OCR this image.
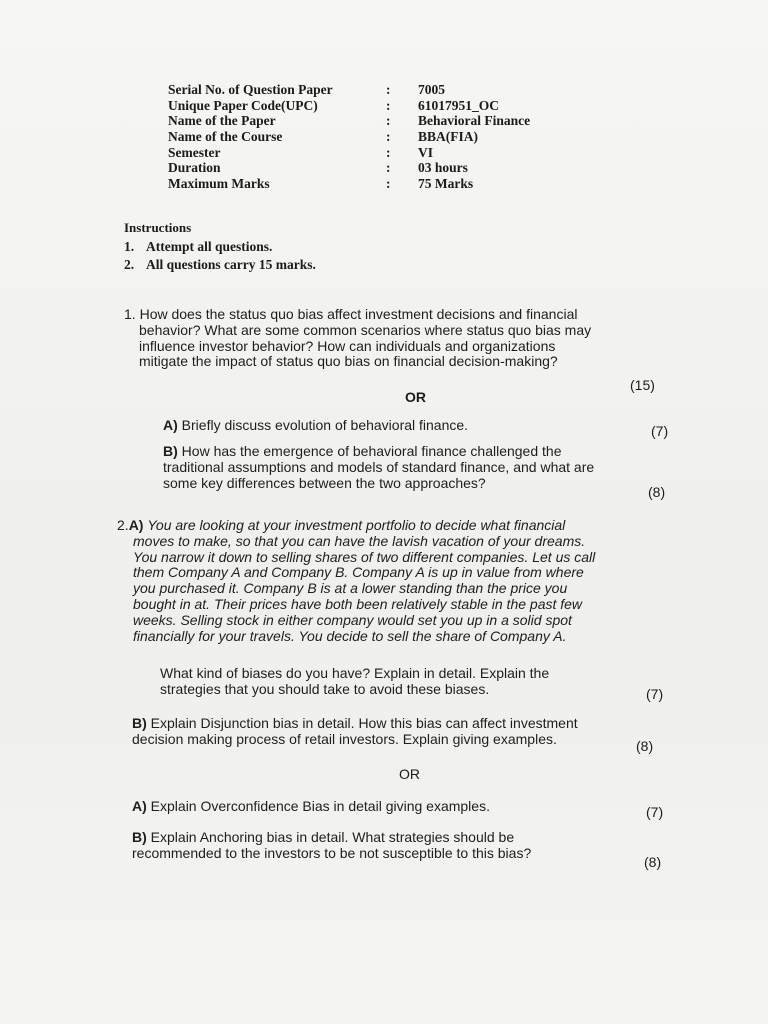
Serial No. of Question Paper	: 7005
Unique Paper Code(UPC)	: 61017951_OC
Name of the Paper	: Behavioral Finance
Name of the Course	: BBA(FIA)
Semester	: VI
Duration	: 03 hours
Maximum Marks	: 75 Marks
Instructions
1. Attempt all questions.
2. All questions carry 15 marks.
1. How does the status quo bias affect investment decisions and financial
behavior? What are some common scenarios where status quo bias may
influence investor behavior? How can individuals and organizations
mitigate the impact of status quo bias on financial decision-making?
(15)
OR
A) Briefly discuss evolution of behavioral finance.	(7)
B) How has the emergence of behavioral finance challenged the
traditional assumptions and models of standard finance, and what are
some key differences between the two approaches?
(8)
2.A) You are looking at your investment portfolio to decide what financial
moves to make, so that you can have the lavish vacation of your dreams.
You narrow it down to selling shares of two different companies. Let us call
them Company A and Company B. Company A is up in value from where
you purchased it. Company B is at a lower standing than the price you
bought in at. Their prices have both been relatively stable in the past few
weeks. Selling stock in either company would set you up in a solid spot
financially for your travels. You decide to sell the share of Company A.
What kind of biases do you have? Explain in detail. Explain the
strategies that you should take to avoid these biases.	(7)
B) Explain Disjunction bias in detail. How this bias can affect investment
decision making process of retail investors. Explain giving examples.	(8)
OR
A) Explain Overconfidence Bias in detail giving examples.	(7)
B) Explain Anchoring bias in detail. What strategies should be
recommended to the investors to be not susceptible to this bias?
(8)
